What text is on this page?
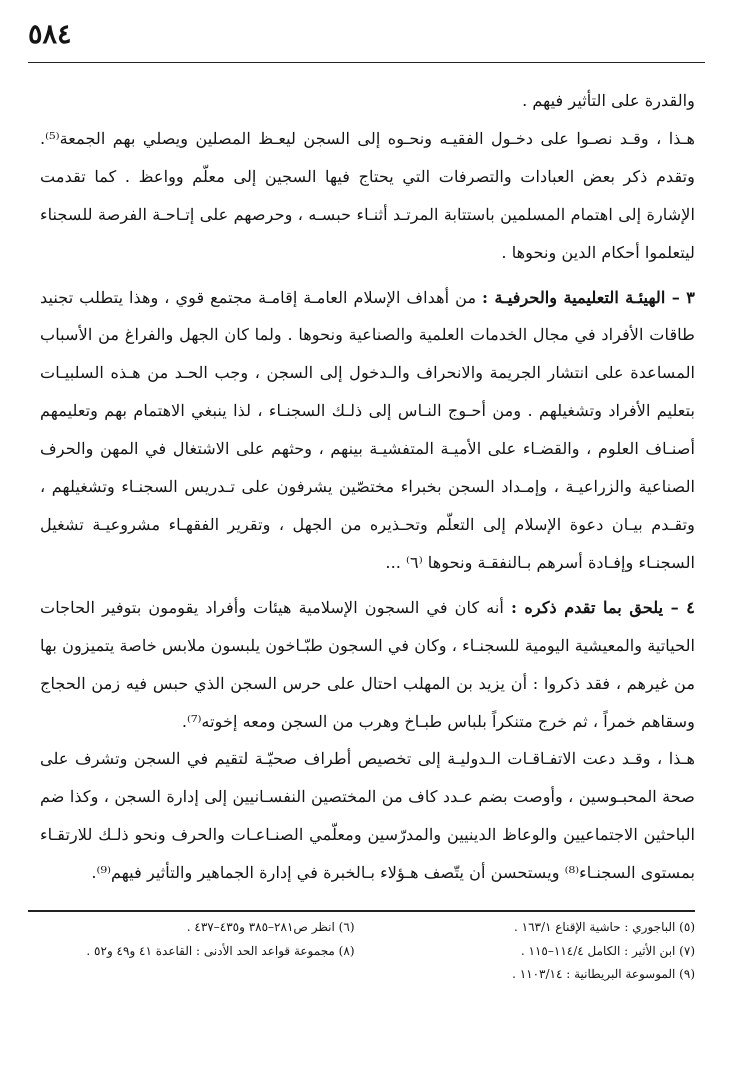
٥٨٤

والقدرة على التأثير فيهم .

هـذا ، وقـد نصـوا على دخـول الفقيـه ونحـوه إلى السجن ليعـظ المصلين ويصلي بهم الجمعة⁽⁵⁾. وتقدم ذكر بعض العبادات والتصرفات التي يحتاج فيها السجين إلى معلّم وواعظ . كما تقدمت الإشارة إلى اهتمام المسلمين باستتابة المرتـد أثنـاء حبسـه ، وحرصهم على إتـاحـة الفرصة للسجناء ليتعلموا أحكام الدين ونحوها .

٣ – الهيئـة التعليمية والحرفيـة : من أهداف الإسلام العامـة إقامـة مجتمع قوي ، وهذا يتطلب تجنيد طاقات الأفراد في مجال الخدمات العلمية والصناعية ونحوها . ولما كان الجهل والفراغ من الأسباب المساعدة على انتشار الجريمة والانحراف والـدخول إلى السجن ، وجب الحـد من هـذه السلبيـات بتعليم الأفراد وتشغيلهم . ومن أحـوج النـاس إلى ذلـك السجنـاء ، لذا ينبغي الاهتمام بهم وتعليمهم أصنـاف العلوم ، والقضـاء على الأميـة المتفشيـة بينهم ، وحثهم على الاشتغال في المهن والحرف الصناعية والزراعيـة ، وإمـداد السجن بخبراء مختصّين يشرفون على تـدريس السجنـاء وتشغيلهم ، وتقـدم بيـان دعوة الإسلام إلى التعلّم وتحـذيره من الجهل ، وتقرير الفقهـاء مشروعيـة تشغيل السجنـاء وإفـادة أسرهم بـالنفقـة ونحوها ⁽٦⁾ ...

٤ – يلحق بما تقدم ذكره : أنه كان في السجون الإسلامية هيئات وأفراد يقومون بتوفير الحاجات الحياتية والمعيشية اليومية للسجنـاء ، وكان في السجون طبّـاخون يلبسون ملابس خاصة يتميزون بها من غيرهم ، فقد ذكروا : أن يزيد بن المهلب احتال على حرس السجن الذي حبس فيه زمن الحجاج وسقاهم خمراً ، ثم خرج متنكراً بلباس طبـاخ وهرب من السجن ومعه إخوته⁽⁷⁾.

هـذا ، وقـد دعت الاتفـاقـات الـدوليـة إلى تخصيص أطراف صحيّـة لتقيم في السجن وتشرف على صحة المحبـوسين ، وأوصت بضم عـدد كاف من المختصين النفسـانيين إلى إدارة السجن ، وكذا ضم الباحثين الاجتماعيين والوعاظ الدينيين والمدرّسين ومعلّمي الصنـاعـات والحرف ونحو ذلـك للارتقـاء بمستوى السجنـاء⁽⁸⁾ ويستحسن أن يتّصف هـؤلاء بـالخبرة في إدارة الجماهير والتأثير فيهم⁽⁹⁾.

(٥) الباجوري : حاشية الإقناع ١٦٣/١ .
(٦) انظر ص٢٨١–٣٨٥ و٤٣٥–٤٣٧ .
(٧) ابن الأثير : الكامل ١١٤/٤–١١٥ .
(٨) مجموعة قواعد الحد الأدنى : القاعدة ٤١ و٤٩ و٥٢ .
(٩) الموسوعة البريطانية : ١١٠٣/١٤ .
